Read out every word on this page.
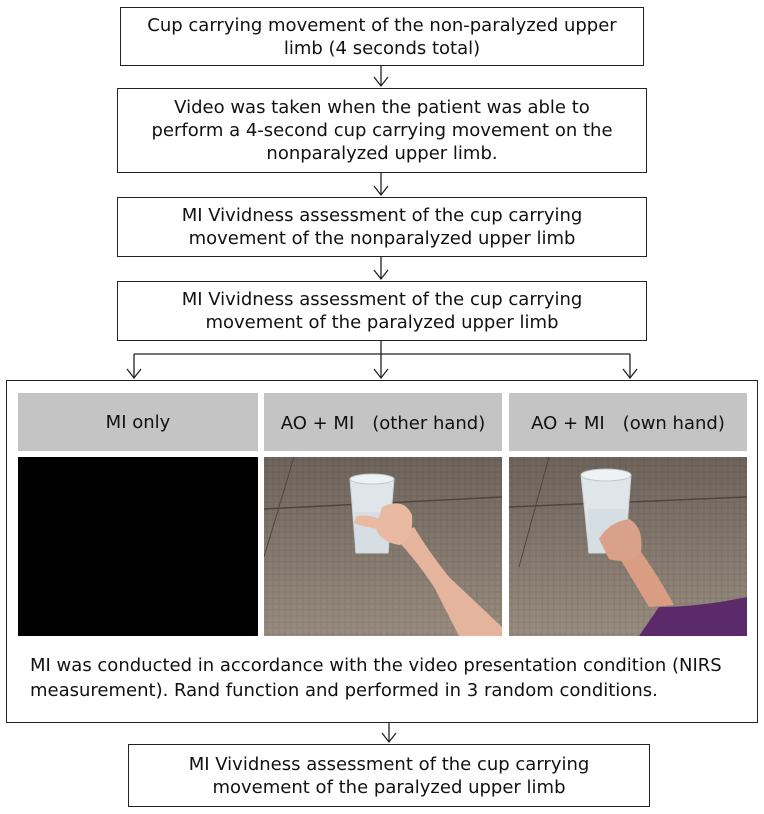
Cup carrying movement of the non-paralyzed upper
limb (4 seconds total)
Video was taken when the patient was able to
perform a 4-second cup carrying movement on the
nonparalyzed upper limb.
MI Vividness assessment of the cup carrying
movement of the nonparalyzed upper limb
MI Vividness assessment of the cup carrying
movement of the paralyzed upper limb
MI only	AO + MI　(other hand)	AO + MI　(own hand)
MI was conducted in accordance with the video presentation condition (NIRS measurement). Rand function and performed in 3 random conditions.
MI Vividness assessment of the cup carrying
movement of the paralyzed upper limb
